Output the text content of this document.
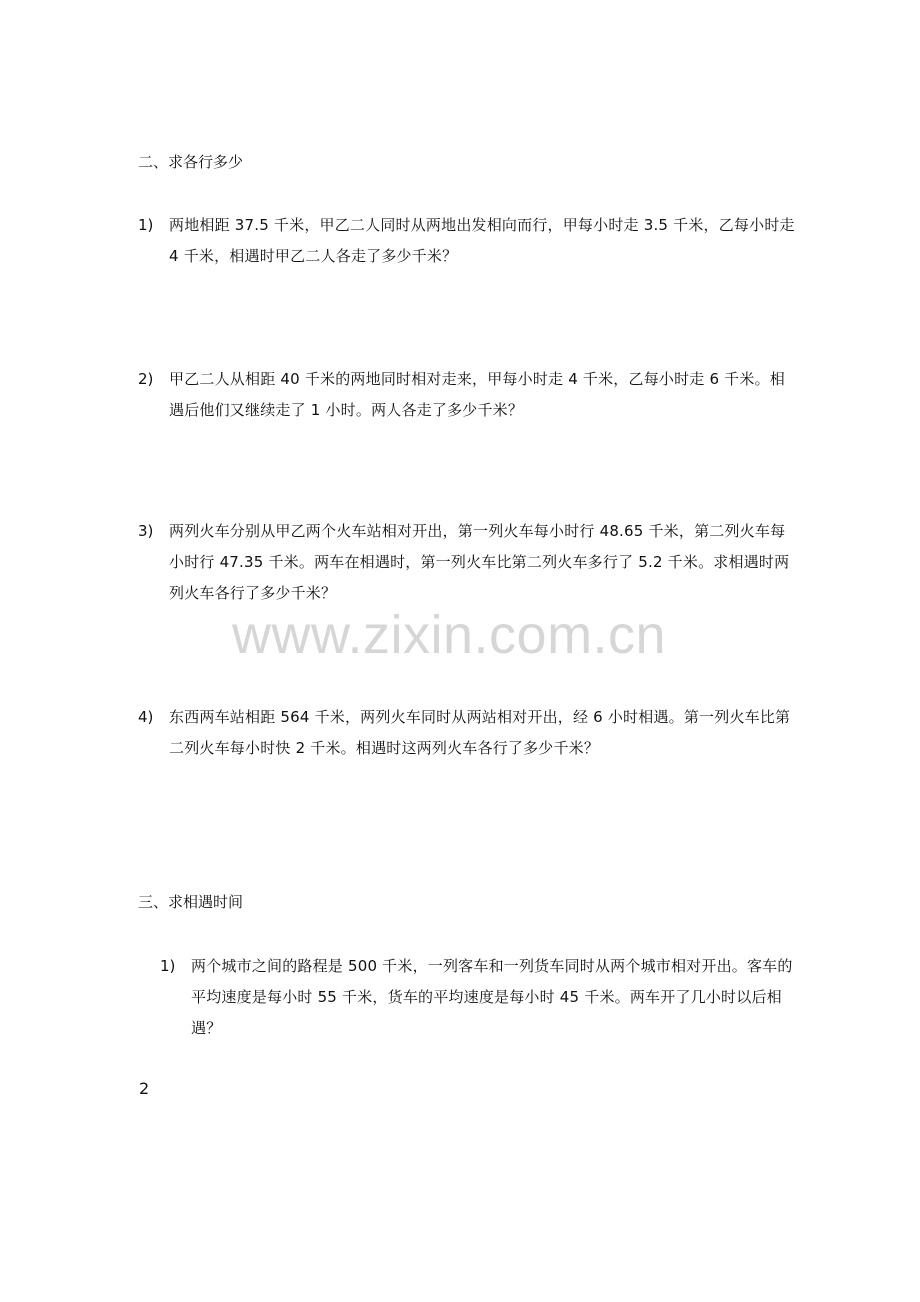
二、求各行多少
1) 两地相距 37.5 千米，甲乙二人同时从两地出发相向而行，甲每小时走 3.5 千米，乙每小时走 4 千米，相遇时甲乙二人各走了多少千米？
2) 甲乙二人从相距 40 千米的两地同时相对走来，甲每小时走 4 千米，乙每小时走 6 千米。相遇后他们又继续走了 1 小时。两人各走了多少千米？
3) 两列火车分别从甲乙两个火车站相对开出，第一列火车每小时行 48.65 千米，第二列火车每小时行 47.35 千米。两车在相遇时，第一列火车比第二列火车多行了 5.2 千米。求相遇时两列火车各行了多少千米？
4) 东西两车站相距 564 千米，两列火车同时从两站相对开出，经 6 小时相遇。第一列火车比第二列火车每小时快 2 千米。相遇时这两列火车各行了多少千米？
三、求相遇时间
1) 两个城市之间的路程是 500 千米，一列客车和一列货车同时从两个城市相对开出。客车的平均速度是每小时 55 千米，货车的平均速度是每小时 45 千米。两车开了几小时以后相遇？
2
www.zixin.com.cn
